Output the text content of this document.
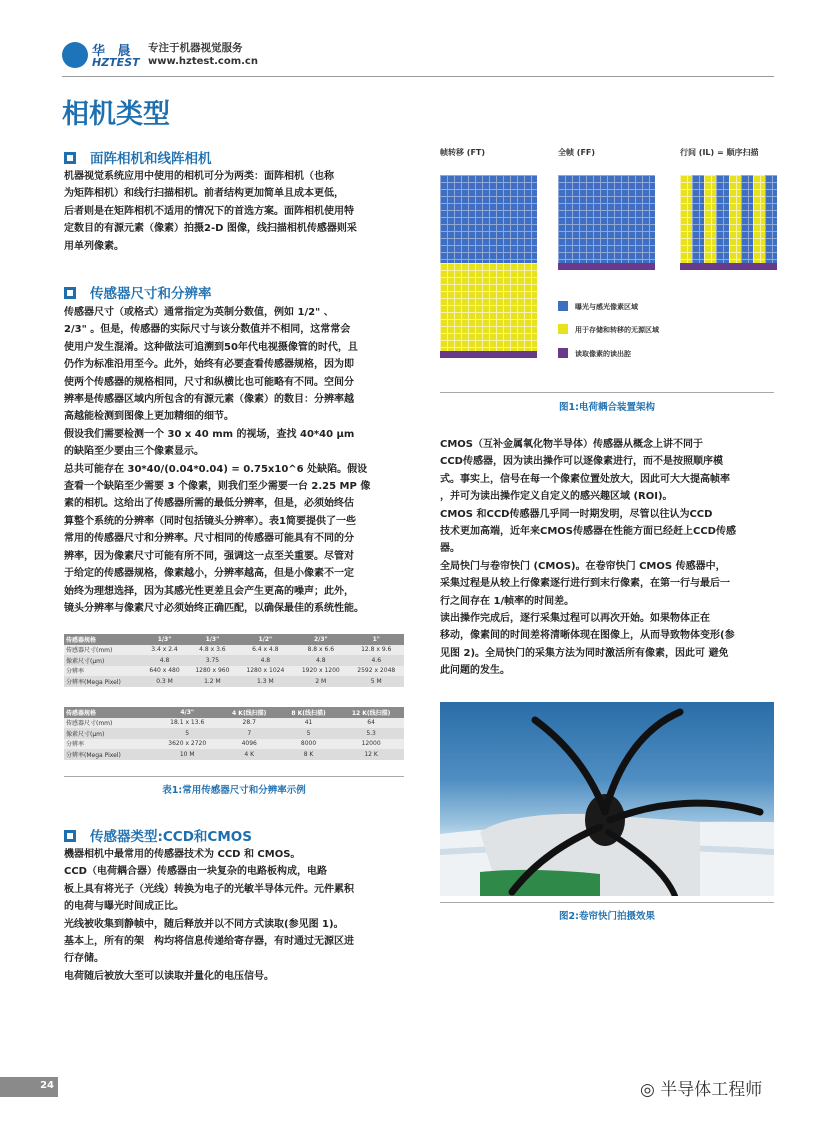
华 晨
HZTEST
专注于机器视觉服务
www.hztest.com.cn
相机类型
面阵相机和线阵相机
机器视觉系统应用中使用的相机可分为两类：面阵相机（也称
为矩阵相机）和线行扫描相机。前者结构更加简单且成本更低，
后者则是在矩阵相机不适用的情况下的首选方案。面阵相机使用特
定数目的有源元素（像素）拍摄2-D 图像，线扫描相机传感器则采
用单列像素。
传感器尺寸和分辨率
传感器尺寸（或格式）通常指定为英制分数值，例如 1/2" 、
2/3" 。但是，传感器的实际尺寸与该分数值并不相同，这常常会
使用户发生混淆。这种做法可追溯到50年代电视摄像管的时代，且
仍作为标准沿用至今。此外，始终有必要查看传感器规格，因为即
使两个传感器的规格相同，尺寸和纵横比也可能略有不同。空间分
辨率是传感器区域内所包含的有源元素（像素）的数目：分辨率越
高越能检测到图像上更加精细的细节。
假设我们需要检测一个 30 x 40 mm 的视场，查找 40*40 μm
的缺陷至少要由三个像素显示。
总共可能存在 30*40/(0.04*0.04) = 0.75x10^6 处缺陷。假设
查看一个缺陷至少需要 3 个像素，则我们至少需要一台 2.25 MP 像
素的相机。这给出了传感器所需的最低分辨率，但是，必须始终估
算整个系统的分辨率（同时包括镜头分辨率）。表1简要提供了一些
常用的传感器尺寸和分辨率。尺寸相同的传感器可能具有不同的分
辨率，因为像素尺寸可能有所不同，强调这一点至关重要。尽管对
于给定的传感器规格，像素越小，分辨率越高，但是小像素不一定
始终为理想选择，因为其感光性更差且会产生更高的噪声；此外，
镜头分辨率与像素尺寸必须始终正确匹配，以确保最佳的系统性能。
传感器规格	1/3"	1/3"	1/2"	2/3"	1"
传感器尺寸(mm)	3.4 x 2.4	4.8 x 3.6	6.4 x 4.8	8.8 x 6.6	12.8 x 9.6
像素尺寸(μm)	4.8	3.75	4.8	4.8	4.6
分辨率	640 x 480	1280 x 960	1280 x 1024	1920 x 1200	2592 x 2048
分辨率(Mega Pixel)	0.3 M	1.2 M	1.3 M	2 M	5 M
传感器规格	4/3"	4 K(线扫描)	8 K(线扫描)	12 K(线扫描)
传感器尺寸(mm)	18.1 x 13.6	28.7	41	64
像素尺寸(μm)	5	7	5	5.3
分辨率	3620 x 2720	4096	8000	12000
分辨率(Mega Pixel)	10 M	4 K	8 K	12 K
表1:常用传感器尺寸和分辨率示例
传感器类型:CCD和CMOS
機器相机中最常用的传感器技术为 CCD 和 CMOS。
CCD（电荷耦合器）传感器由一块复杂的电路板构成，电路
板上具有将光子（光线）转换为电子的光敏半导体元件。元件累积
的电荷与曝光时间成正比。
光线被收集到静帧中，随后释放并以不同方式读取(参见图 1)。
基本上，所有的架　构均将信息传递给寄存器，有时通过无源区进
行存储。
电荷随后被放大至可以读取并量化的电压信号。
帧转移 (FT)	全帧 (FF)	行间 (IL) = 顺序扫描
曝光与感光像素区域
用于存储和转移的无源区域
读取像素的读出腔
图1:电荷耦合装置架构
CMOS（互补金属氧化物半导体）传感器从概念上讲不同于
CCD传感器，因为读出操作可以逐像素进行，而不是按照顺序模
式。事实上，信号在每一个像素位置处放大，因此可大大提高帧率
，并可为读出操作定义自定义的感兴趣区域 (ROI)。
CMOS 和CCD传感器几乎同一时期发明，尽管以往认为CCD
技术更加高端，近年来CMOS传感器在性能方面已经赶上CCD传感
器。
全局快门与卷帘快门 (CMOS)。在卷帘快门 CMOS 传感器中，
采集过程是从较上行像素逐行进行到末行像素，在第一行与最后一
行之间存在 1/帧率的时间差。
读出操作完成后，逐行采集过程可以再次开始。如果物体正在
移动，像素间的时间差将清晰体现在图像上，从而导致物体变形(参
见图 2)。全局快门的采集方法为同时激活所有像素，因此可 避免
此问题的发生。
图2:卷帘快门拍摄效果
24	◎ 半导体工程师
